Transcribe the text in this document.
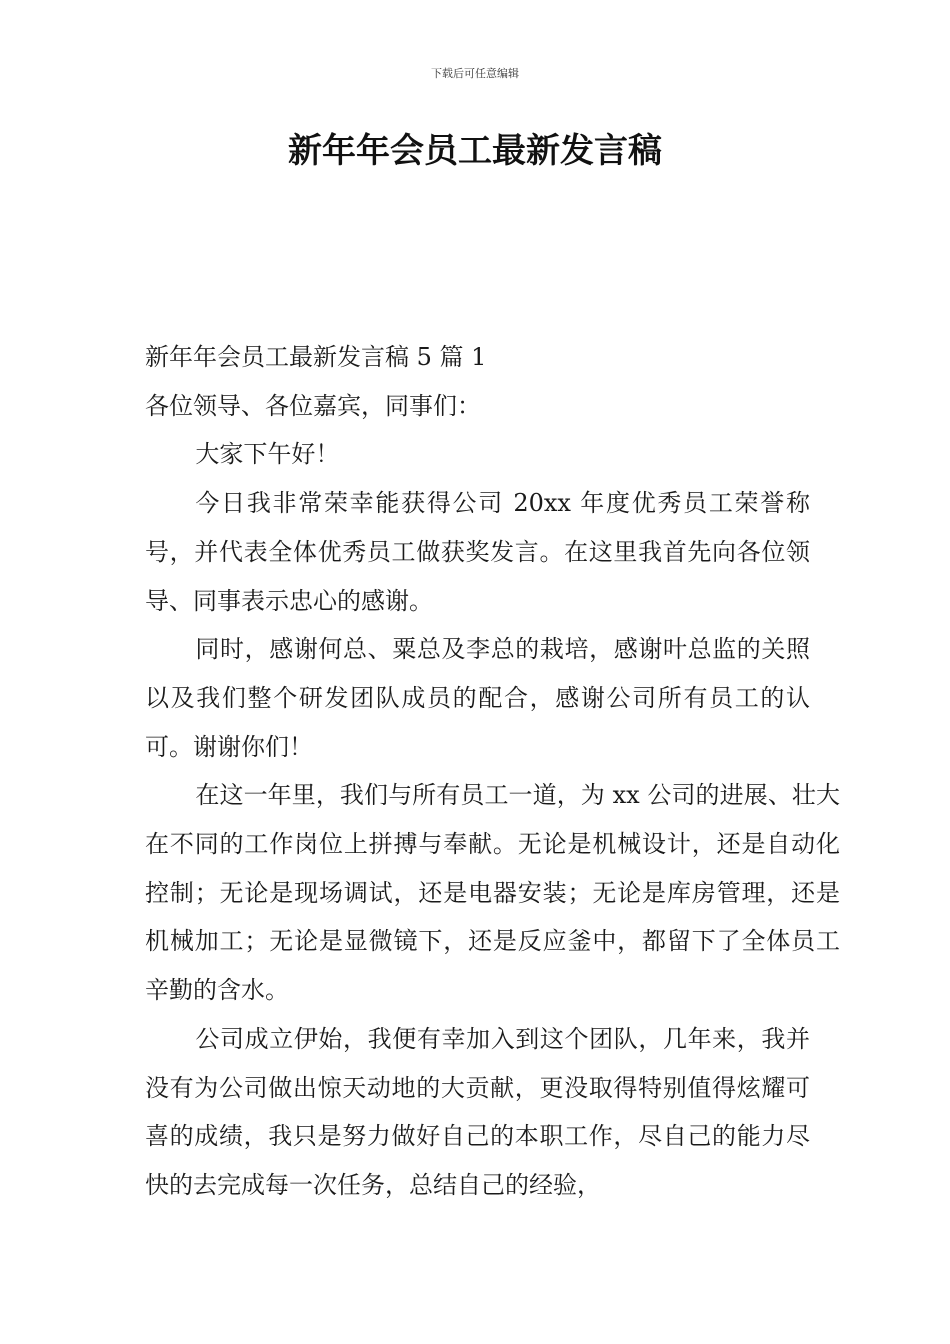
下载后可任意编辑
新年年会员工最新发言稿

新年年会员工最新发言稿 5 篇 1

各位领导、各位嘉宾，同事们：

大家下午好！

今日我非常荣幸能获得公司 20xx 年度优秀员工荣誉称号，并代表全体优秀员工做获奖发言。在这里我首先向各位领导、同事表示忠心的感谢。

同时，感谢何总、粟总及李总的栽培，感谢叶总监的关照以及我们整个研发团队成员的配合，感谢公司所有员工的认可。谢谢你们！

在这一年里，我们与所有员工一道，为 xx 公司的进展、壮大在不同的工作岗位上拼搏与奉献。无论是机械设计，还是自动化控制；无论是现场调试，还是电器安装；无论是库房管理，还是机械加工；无论是显微镜下，还是反应釜中，都留下了全体员工辛勤的含水。

公司成立伊始，我便有幸加入到这个团队，几年来，我并没有为公司做出惊天动地的大贡献，更没取得特别值得炫耀可喜的成绩，我只是努力做好自己的本职工作，尽自己的能力尽快的去完成每一次任务，总结自己的经验，
